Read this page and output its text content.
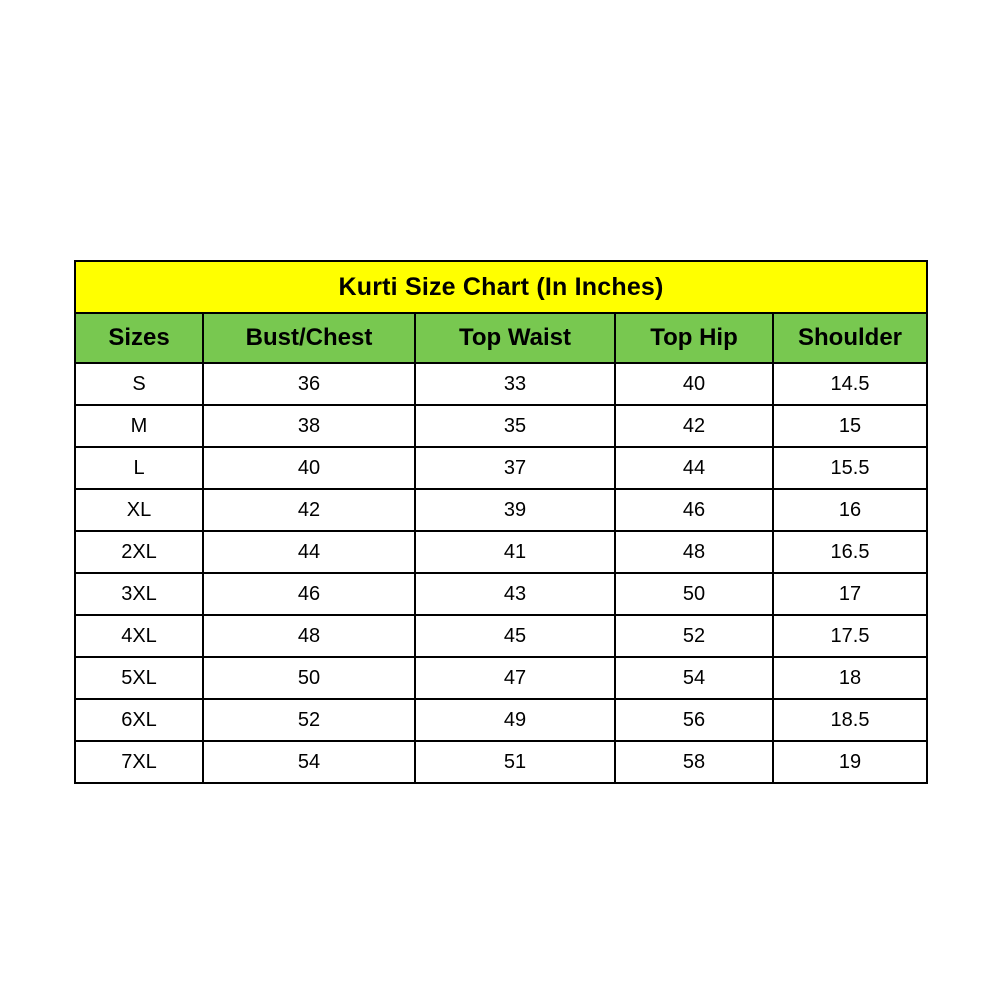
Kurti Size Chart (In Inches)				
Sizes	Bust/Chest	Top Waist	Top Hip	Shoulder
S	36	33	40	14.5
M	38	35	42	15
L	40	37	44	15.5
XL	42	39	46	16
2XL	44	41	48	16.5
3XL	46	43	50	17
4XL	48	45	52	17.5
5XL	50	47	54	18
6XL	52	49	56	18.5
7XL	54	51	58	19
